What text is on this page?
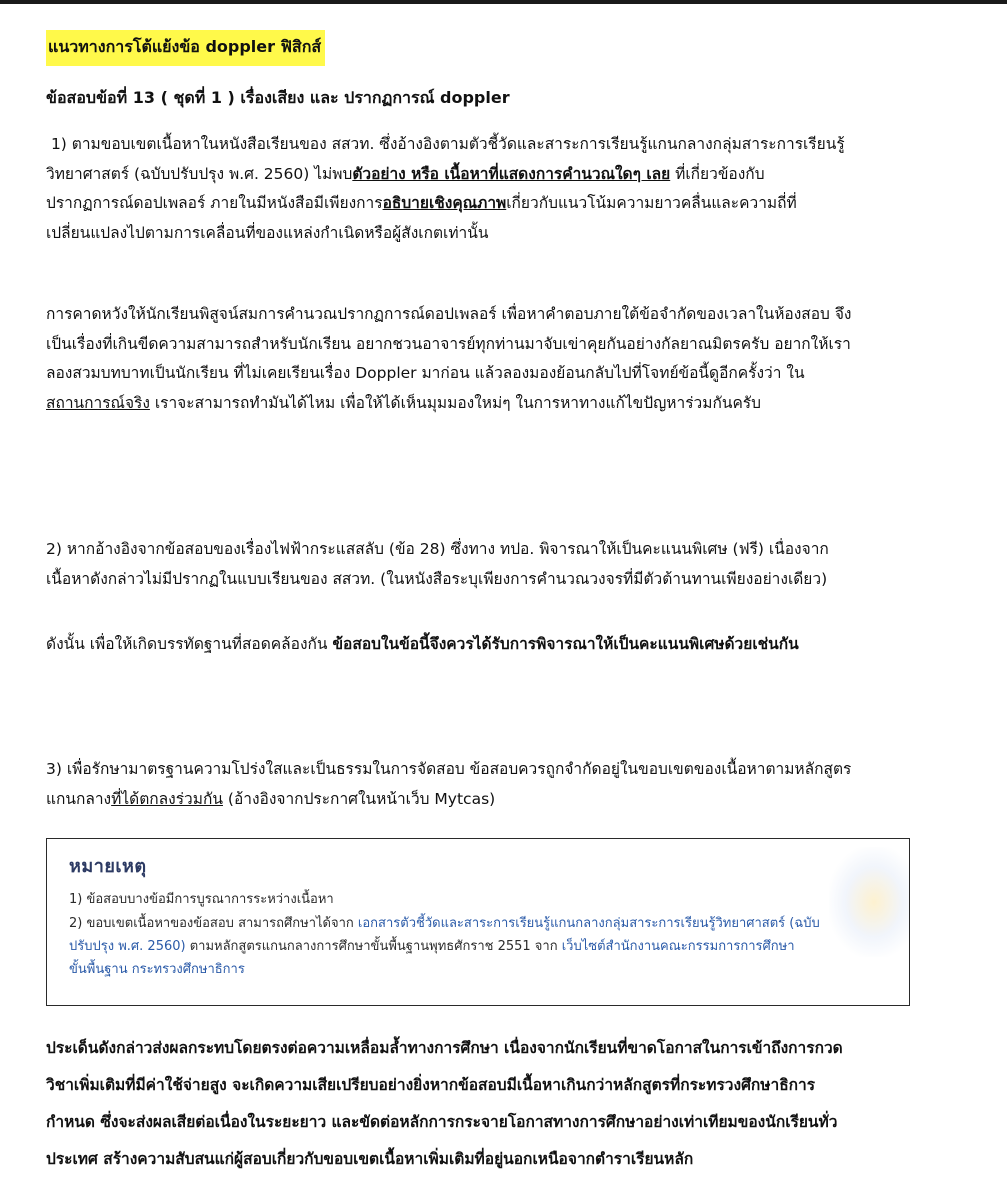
แนวทางการโต้แย้งข้อ doppler ฟิสิกส์
ข้อสอบข้อที่ 13 ( ชุดที่ 1 ) เรื่องเสียง และ ปรากฏการณ์ doppler
1) ตามขอบเขตเนื้อหาในหนังสือเรียนของ สสวท. ซึ่งอ้างอิงตามตัวชี้วัดและสาระการเรียนรู้แกนกลางกลุ่มสาระการเรียนรู้
วิทยาศาสตร์ (ฉบับปรับปรุง พ.ศ. 2560) ไม่พบตัวอย่าง หรือ เนื้อหาที่แสดงการคำนวณใดๆ เลย ที่เกี่ยวข้องกับ
ปรากฏการณ์ดอปเพลอร์ ภายในมีหนังสือมีเพียงการอธิบายเชิงคุณภาพเกี่ยวกับแนวโน้มความยาวคลื่นและความถี่ที่
เปลี่ยนแปลงไปตามการเคลื่อนที่ของแหล่งกำเนิดหรือผู้สังเกตเท่านั้น
การคาดหวังให้นักเรียนพิสูจน์สมการคำนวณปรากฏการณ์ดอปเพลอร์ เพื่อหาคำตอบภายใต้ข้อจำกัดของเวลาในห้องสอบ จึง
เป็นเรื่องที่เกินขีดความสามารถสำหรับนักเรียน อยากชวนอาจารย์ทุกท่านมาจับเข่าคุยกันอย่างกัลยาณมิตรครับ อยากให้เรา
ลองสวมบทบาทเป็นนักเรียน ที่ไม่เคยเรียนเรื่อง Doppler มาก่อน แล้วลองมองย้อนกลับไปที่โจทย์ข้อนี้ดูอีกครั้งว่า ใน
สถานการณ์จริง เราจะสามารถทำมันได้ไหม เพื่อให้ได้เห็นมุมมองใหม่ๆ ในการหาทางแก้ไขปัญหาร่วมกันครับ
2) หากอ้างอิงจากข้อสอบของเรื่องไฟฟ้ากระแสสลับ (ข้อ 28) ซึ่งทาง ทปอ. พิจารณาให้เป็นคะแนนพิเศษ (ฟรี) เนื่องจาก
เนื้อหาดังกล่าวไม่มีปรากฏในแบบเรียนของ สสวท. (ในหนังสือระบุเพียงการคำนวณวงจรที่มีตัวต้านทานเพียงอย่างเดียว)
ดังนั้น เพื่อให้เกิดบรรทัดฐานที่สอดคล้องกัน ข้อสอบในข้อนี้จึงควรได้รับการพิจารณาให้เป็นคะแนนพิเศษด้วยเช่นกัน
3) เพื่อรักษามาตรฐานความโปร่งใสและเป็นธรรมในการจัดสอบ ข้อสอบควรถูกจำกัดอยู่ในขอบเขตของเนื้อหาตามหลักสูตร
แกนกลางที่ได้ตกลงร่วมกัน (อ้างอิงจากประกาศในหน้าเว็บ Mytcas)
หมายเหตุ
1) ข้อสอบบางข้อมีการบูรณาการระหว่างเนื้อหา
2) ขอบเขตเนื้อหาของข้อสอบ สามารถศึกษาได้จาก เอกสารตัวชี้วัดและสาระการเรียนรู้แกนกลางกลุ่มสาระการเรียนรู้วิทยาศาสตร์ (ฉบับ
ปรับปรุง พ.ศ. 2560) ตามหลักสูตรแกนกลางการศึกษาขั้นพื้นฐานพุทธศักราช 2551 จาก เว็บไซต์สำนักงานคณะกรรมการการศึกษา
ขั้นพื้นฐาน กระทรวงศึกษาธิการ
ประเด็นดังกล่าวส่งผลกระทบโดยตรงต่อความเหลื่อมล้ำทางการศึกษา เนื่องจากนักเรียนที่ขาดโอกาสในการเข้าถึงการกวด
วิชาเพิ่มเติมที่มีค่าใช้จ่ายสูง จะเกิดความเสียเปรียบอย่างยิ่งหากข้อสอบมีเนื้อหาเกินกว่าหลักสูตรที่กระทรวงศึกษาธิการ
กำหนด ซึ่งจะส่งผลเสียต่อเนื่องในระยะยาว และขัดต่อหลักการกระจายโอกาสทางการศึกษาอย่างเท่าเทียมของนักเรียนทั่ว
ประเทศ สร้างความสับสนแก่ผู้สอบเกี่ยวกับขอบเขตเนื้อหาเพิ่มเติมที่อยู่นอกเหนือจากตำราเรียนหลัก
